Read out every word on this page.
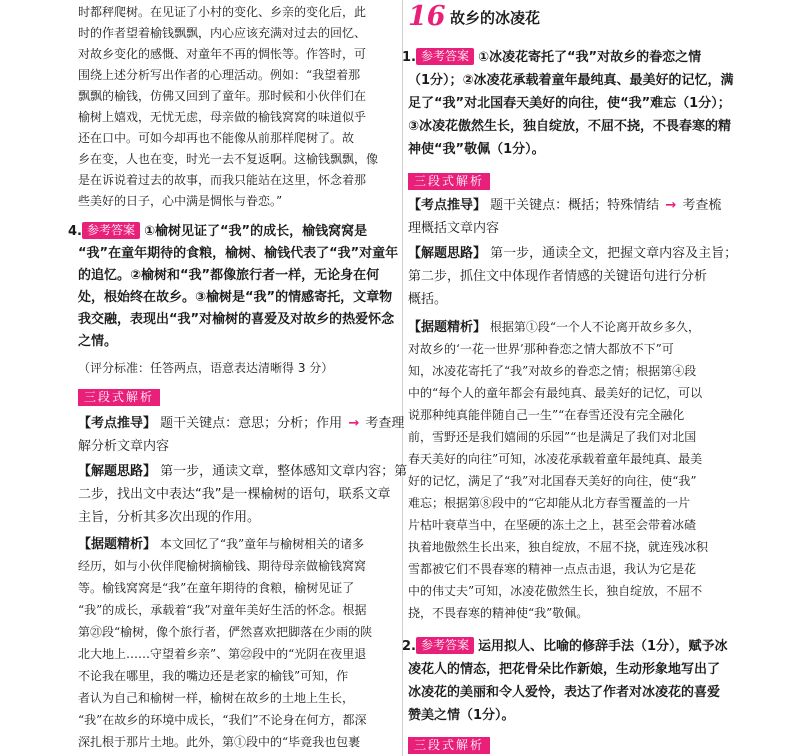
时都秤爬树。在见证了小村的变化、乡亲的变化后，此
时的作者望着榆钱飘飘，内心应该充满对过去的回忆、
对故乡变化的感慨、对童年不再的惆怅等。作答时，可
围绕上述分析写出作者的心理活动。例如：“我望着那
飘飘的榆钱，仿佛又回到了童年。那时候和小伙伴们在
榆树上嬉戏，无忧无虑，母亲做的榆钱窝窝的味道似乎
还在口中。可如今却再也不能像从前那样爬树了。故
乡在变，人也在变，时光一去不复返啊。这榆钱飘飘，像
是在诉说着过去的故事，而我只能站在这里，怀念着那
些美好的日子，心中满是惆怅与眷恋。”
4. 参考答案 ①榆树见证了“我”的成长，榆钱窝窝是
“我”在童年期待的食粮，榆树、榆钱代表了“我”对童年
的追忆。②榆树和“我”都像旅行者一样，无论身在何
处，根始终在故乡。③榆树是“我”的情感寄托，文章物
我交融，表现出“我”对榆树的喜爱及对故乡的热爱怀念
之情。
（评分标准：任答两点，语意表达清晰得 3 分）
三段式解析
【考点推导】 题干关键点：意思；分析；作用 → 考查理
解分析文章内容
【解题思路】 第一步，通读文章，整体感知文章内容；第
二步，找出文中表达“我”是一棵榆树的语句，联系文章
主旨，分析其多次出现的作用。
【据题精析】 本文回忆了“我”童年与榆树相关的诸多
经历，如与小伙伴爬榆树摘榆钱、期待母亲做榆钱窝窝
等。榆钱窝窝是“我”在童年期待的食粮，榆树见证了
“我”的成长，承载着“我”对童年美好生活的怀念。根据
第㉑段“榆树，像个旅行者，俨然喜欢把脚落在少雨的陕
北大地上……守望着乡亲”、第㉒段中的“光阴在夜里退
不论我在哪里，我的嘴边还是老家的榆钱”可知，作
者认为自己和榆树一样，榆树在故乡的土地上生长，
“我”在故乡的环境中成长，“我们”不论身在何方，都深
深扎根于那片土地。此外，第①段中的“毕竟我也包裹
16 故乡的冰凌花
1. 参考答案 ①冰凌花寄托了“我”对故乡的眷恋之情
（1分）；②冰凌花承载着童年最纯真、最美好的记忆，满
足了“我”对北国春天美好的向往，使“我”难忘（1分）；
③冰凌花傲然生长，独自绽放，不屈不挠，不畏春寒的精
神使“我”敬佩（1分）。
三段式解析
【考点推导】 题干关键点：概括；特殊情结 → 考查梳
理概括文章内容
【解题思路】 第一步，通读全文，把握文章内容及主旨；
第二步，抓住文中体现作者情感的关键语句进行分析
概括。
【据题精析】 根据第①段“一个人不论离开故乡多久，
对故乡的‘一花一世界’那种眷恋之情大都放不下”可
知，冰凌花寄托了“我”对故乡的眷恋之情；根据第④段
中的“每个人的童年都会有最纯真、最美好的记忆，可以
说那种纯真能伴随自己一生”“在春雪还没有完全融化
前，雪野还是我们嬉闹的乐园”“也是满足了我们对北国
春天美好的向往”可知，冰凌花承载着童年最纯真、最美
好的记忆，满足了“我”对北国春天美好的向往，使“我”
难忘；根据第⑧段中的“它却能从北方春雪覆盖的一片
片枯叶衰草当中，在坚硬的冻土之上，甚至会带着冰碴
执着地傲然生长出来，独自绽放，不屈不挠，就连残冰积
雪都被它们不畏春寒的精神一点点击退，我认为它是花
中的伟丈夫”可知，冰凌花傲然生长，独自绽放，不屈不
挠，不畏春寒的精神使“我”敬佩。
2. 参考答案 运用拟人、比喻的修辞手法（1分），赋予冰
凌花人的情态，把花骨朵比作新娘，生动形象地写出了
冰凌花的美丽和令人爱怜，表达了作者对冰凌花的喜爱
赞美之情（1分）。
三段式解析
